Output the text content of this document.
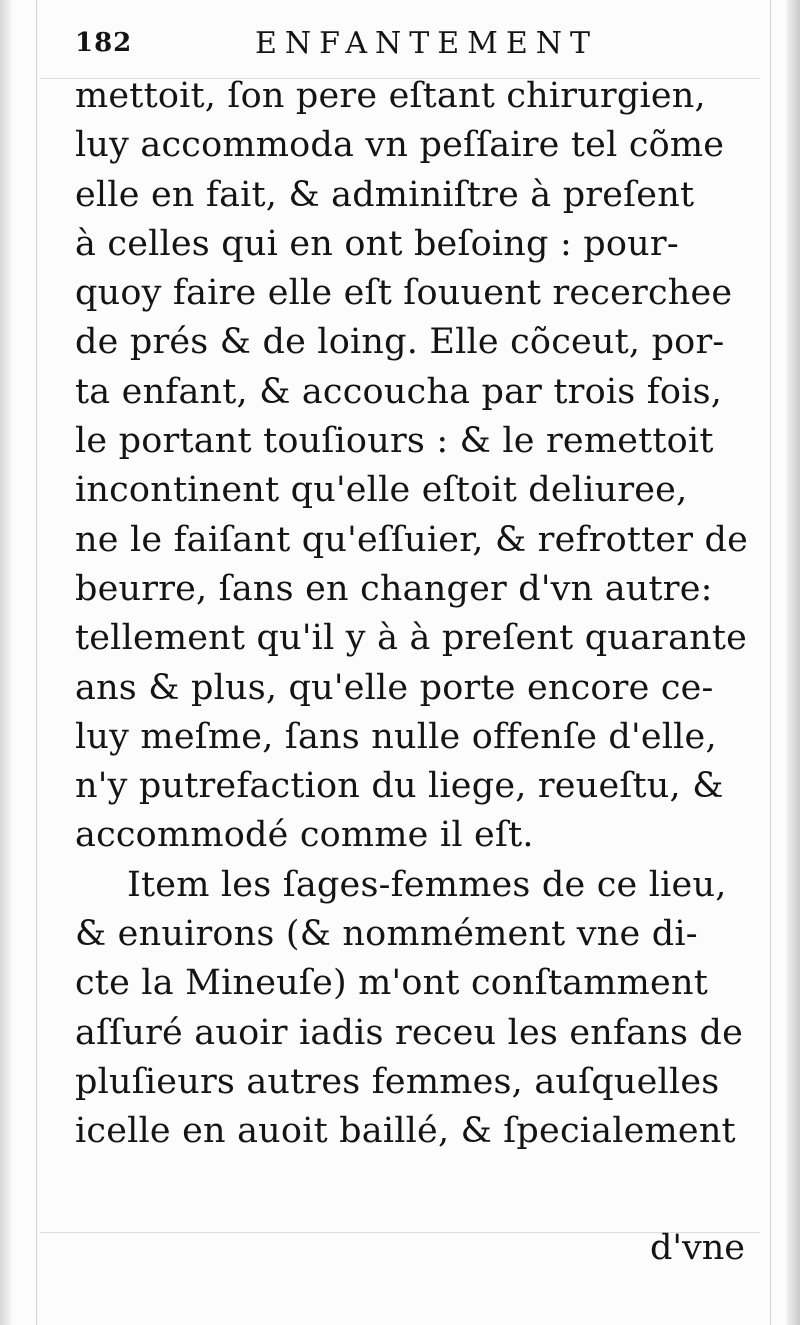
182	ENFANTEMENT
mettoit, ſon pere eſtant chirurgien,
luy accommoda vn peſſaire tel cõme
elle en fait, & adminiſtre à preſent
à celles qui en ont beſoing : pour-
quoy faire elle eſt ſouuent recerchee
de prés & de loing. Elle cõceut, por-
ta enfant, & accoucha par trois fois,
le portant touſiours : & le remettoit
incontinent qu'elle eſtoit deliuree,
ne le faiſant qu'eſſuier, & refrotter de
beurre, ſans en changer d'vn autre:
tellement qu'il y à à preſent quarante
ans & plus, qu'elle porte encore ce-
luy meſme, ſans nulle offenſe d'elle,
n'y putrefaction du liege, reueſtu, &
accommodé comme il eſt.
Item les ſages-femmes de ce lieu,
& enuirons (& nommément vne di-
cte la Mineuſe) m'ont conſtamment
aſſuré auoir iadis receu les enfans de
pluſieurs autres femmes, auſquelles
icelle en auoit baillé, & ſpecialement
d'vne
